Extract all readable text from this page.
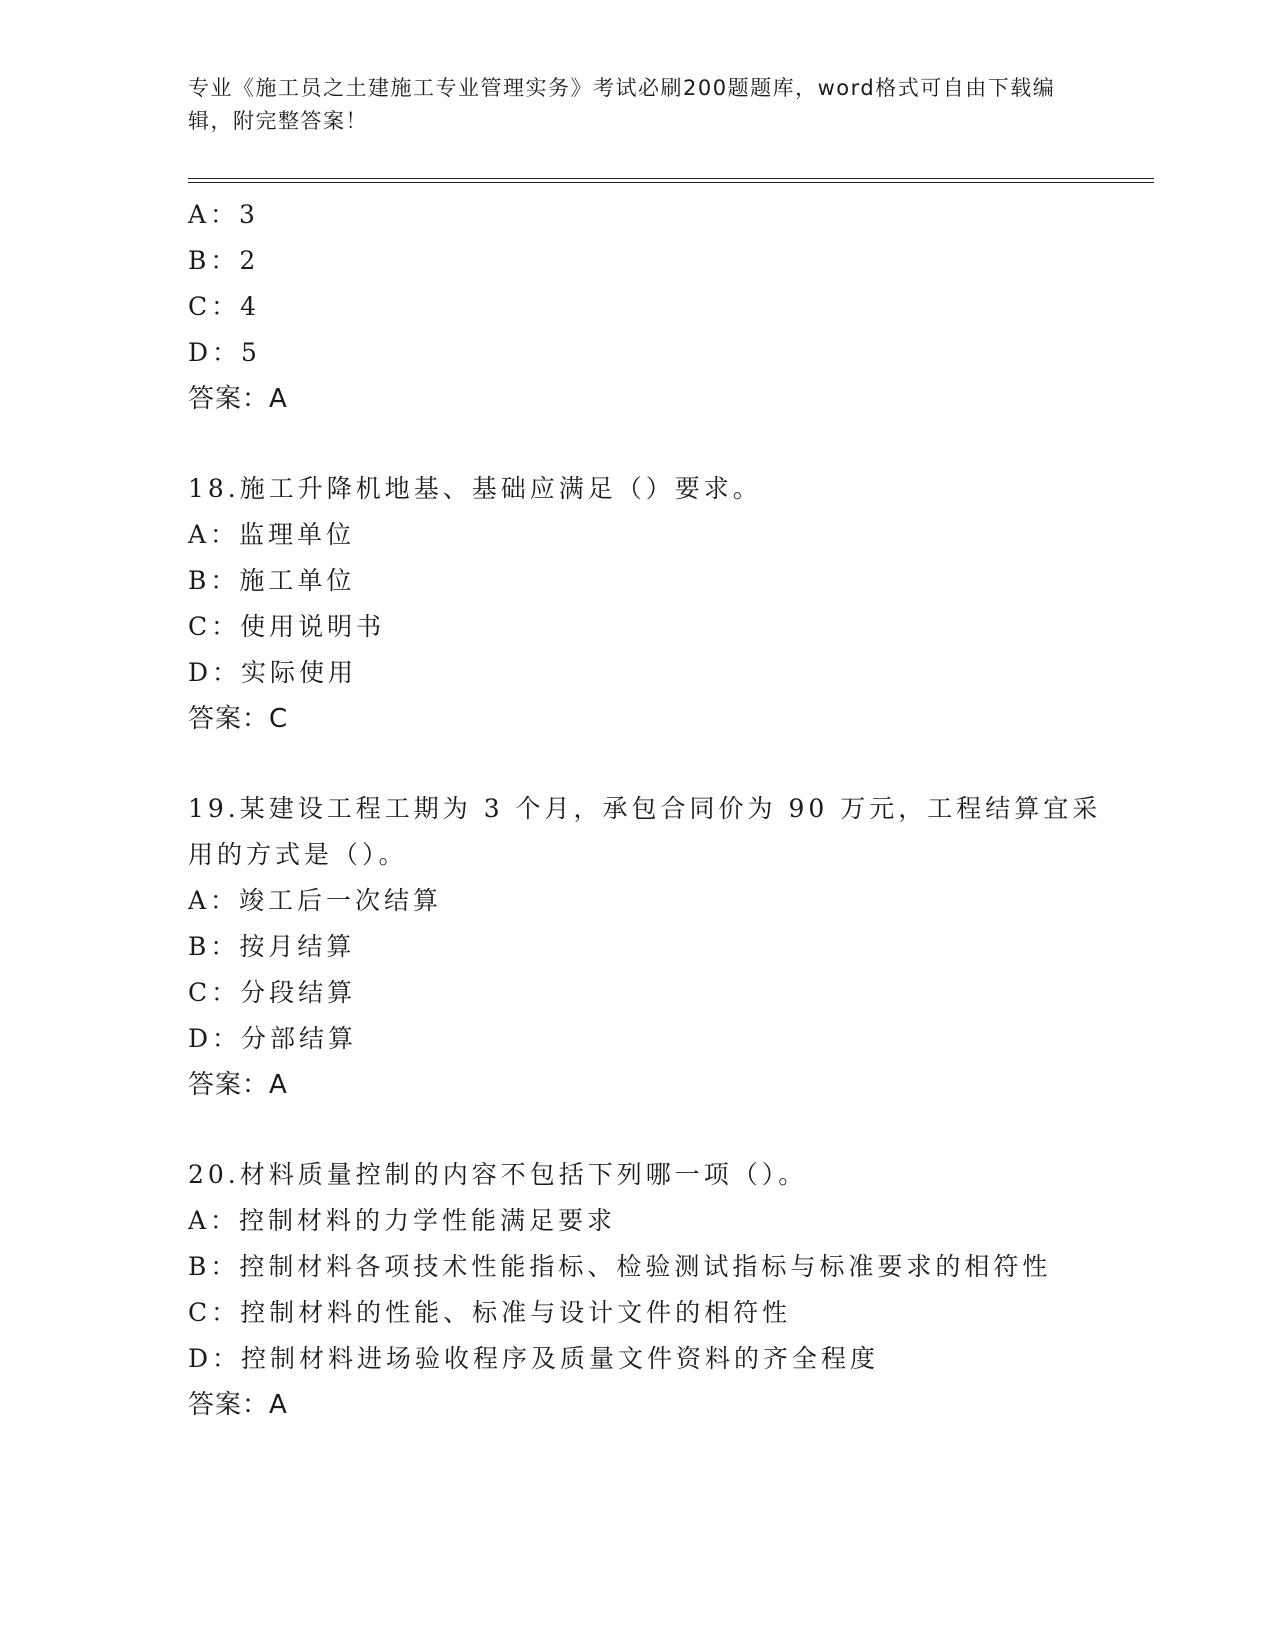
专业《施工员之土建施工专业管理实务》考试必刷200题题库，word格式可自由下载编辑，附完整答案！
A：3
B：2
C：4
D：5
答案：A
18.施工升降机地基、基础应满足（）要求。
A：监理单位
B：施工单位
C：使用说明书
D：实际使用
答案：C
19.某建设工程工期为 3 个月，承包合同价为 90 万元，工程结算宜采
用的方式是（）。
A：竣工后一次结算
B：按月结算
C：分段结算
D：分部结算
答案：A
20.材料质量控制的内容不包括下列哪一项（）。
A：控制材料的力学性能满足要求
B：控制材料各项技术性能指标、检验测试指标与标准要求的相符性
C：控制材料的性能、标准与设计文件的相符性
D：控制材料进场验收程序及质量文件资料的齐全程度
答案：A
